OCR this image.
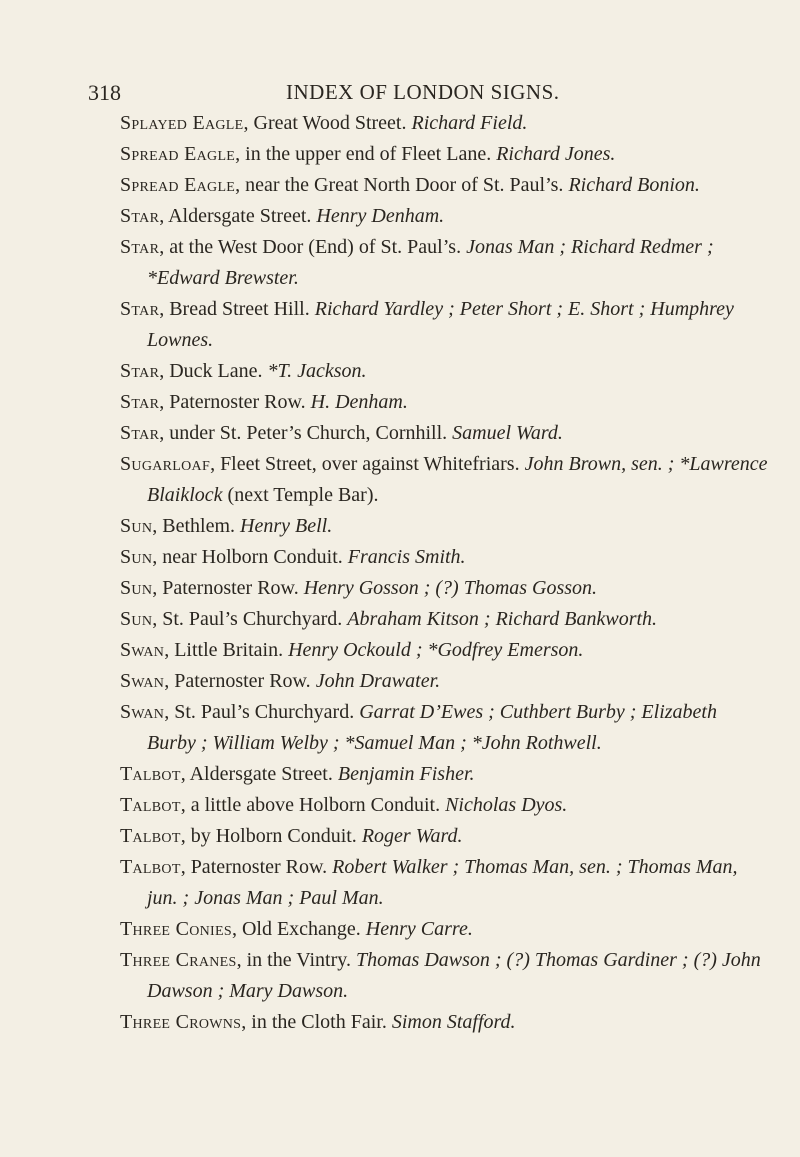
318	INDEX OF LONDON SIGNS.
Splayed Eagle, Great Wood Street. Richard Field.
Spread Eagle, in the upper end of Fleet Lane. Richard Jones.
Spread Eagle, near the Great North Door of St. Paul’s. Richard Bonion.
Star, Aldersgate Street. Henry Denham.
Star, at the West Door (End) of St. Paul’s. Jonas Man ; Richard Redmer ; *Edward Brewster.
Star, Bread Street Hill. Richard Yardley ; Peter Short ; E. Short ; Humphrey Lownes.
Star, Duck Lane. *T. Jackson.
Star, Paternoster Row. H. Denham.
Star, under St. Peter’s Church, Cornhill. Samuel Ward.
Sugarloaf, Fleet Street, over against Whitefriars. John Brown, sen. ; *Lawrence Blaiklock (next Temple Bar).
Sun, Bethlem. Henry Bell.
Sun, near Holborn Conduit. Francis Smith.
Sun, Paternoster Row. Henry Gosson ; (?) Thomas Gosson.
Sun, St. Paul’s Churchyard. Abraham Kitson ; Richard Bankworth.
Swan, Little Britain. Henry Ockould ; *Godfrey Emerson.
Swan, Paternoster Row. John Drawater.
Swan, St. Paul’s Churchyard. Garrat D’Ewes ; Cuthbert Burby ; Elizabeth Burby ; William Welby ; *Samuel Man ; *John Rothwell.
Talbot, Aldersgate Street. Benjamin Fisher.
Talbot, a little above Holborn Conduit. Nicholas Dyos.
Talbot, by Holborn Conduit. Roger Ward.
Talbot, Paternoster Row. Robert Walker ; Thomas Man, sen. ; Thomas Man, jun. ; Jonas Man ; Paul Man.
Three Conies, Old Exchange. Henry Carre.
Three Cranes, in the Vintry. Thomas Dawson ; (?) Thomas Gardiner ; (?) John Dawson ; Mary Dawson.
Three Crowns, in the Cloth Fair. Simon Stafford.
